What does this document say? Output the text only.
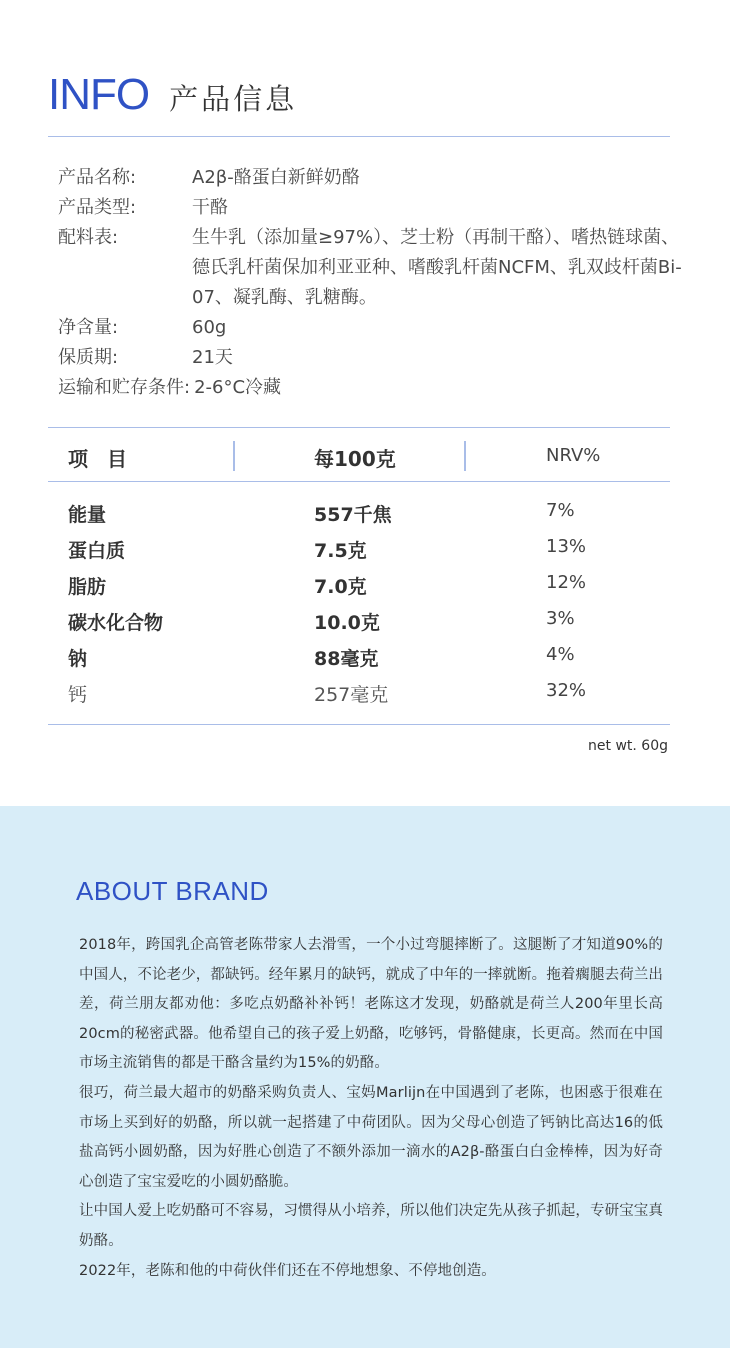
INFO 产品信息
产品名称:	A2β-酪蛋白新鲜奶酪
产品类型:	干酪
配料表:	生牛乳（添加量≥97%）、芝士粉（再制干酪）、嗜热链球菌、德氏乳杆菌保加利亚亚种、嗜酸乳杆菌NCFM、乳双歧杆菌Bi-07、凝乳酶、乳糖酶。
净含量:	60g
保质期:	21天
运输和贮存条件: 2-6°C冷藏
项 目	每100克	NRV%
能量	557千焦	7%
蛋白质	7.5克	13%
脂肪	7.0克	12%
碳水化合物	10.0克	3%
钠	88毫克	4%
钙	257毫克	32%
net wt. 60g
ABOUT BRAND

2018年，跨国乳企高管老陈带家人去滑雪，一个小过弯腿摔断了。这腿断了才知道90%的中国人，不论老少，都缺钙。经年累月的缺钙，就成了中年的一摔就断。拖着瘸腿去荷兰出差，荷兰朋友都劝他：多吃点奶酪补补钙！老陈这才发现，奶酪就是荷兰人200年里长高20cm的秘密武器。他希望自己的孩子爱上奶酪，吃够钙，骨骼健康，长更高。然而在中国市场主流销售的都是干酪含量约为15%的奶酪。

很巧，荷兰最大超市的奶酪采购负责人、宝妈Marlijn在中国遇到了老陈，也困惑于很难在市场上买到好的奶酪，所以就一起搭建了中荷团队。因为父母心创造了钙钠比高达16的低盐高钙小圆奶酪，因为好胜心创造了不额外添加一滴水的A2β-酪蛋白白金棒棒，因为好奇心创造了宝宝爱吃的小圆奶酪脆。

让中国人爱上吃奶酪可不容易，习惯得从小培养，所以他们决定先从孩子抓起，专研宝宝真奶酪。

2022年，老陈和他的中荷伙伴们还在不停地想象、不停地创造。
